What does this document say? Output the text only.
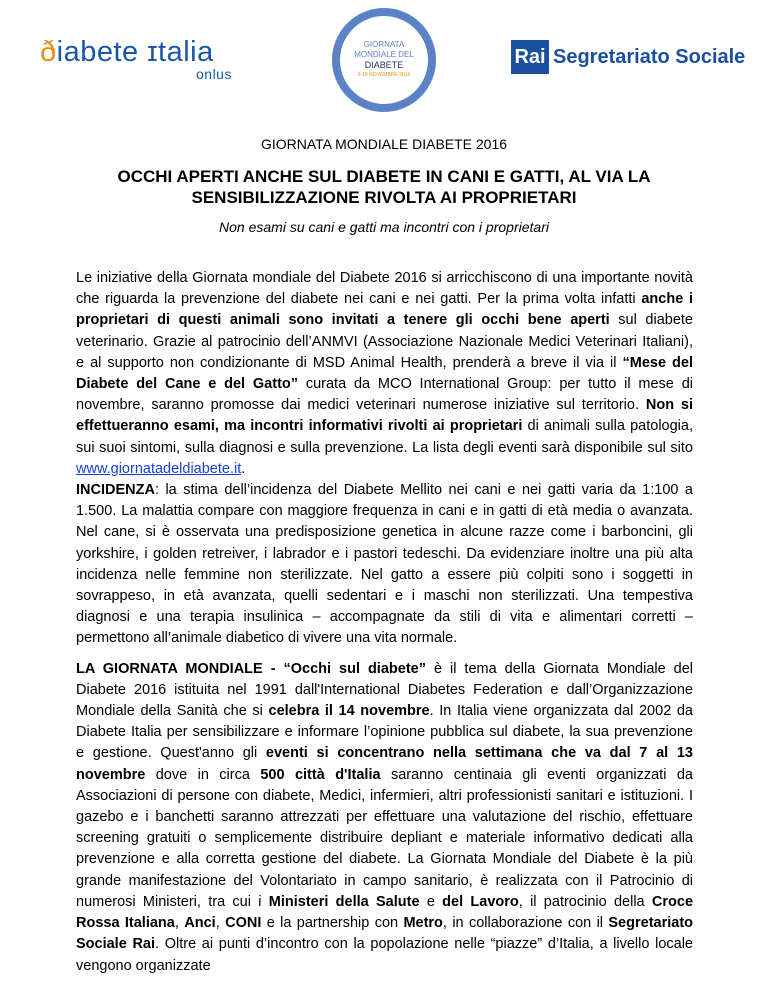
ðiabete ɪtalia
onlus
GIORNATA
MONDIALE DEL
DIABETE
9-15 NOVEMBRE 2016
Rai Segretariato Sociale
GIORNATA MONDIALE DIABETE 2016
OCCHI APERTI ANCHE SUL DIABETE IN CANI E GATTI, AL VIA LA SENSIBILIZZAZIONE RIVOLTA AI PROPRIETARI
Non esami su cani e gatti ma incontri con i proprietari

Le iniziative della Giornata mondiale del Diabete 2016 si arricchiscono di una importante novità che riguarda la prevenzione del diabete nei cani e nei gatti. Per la prima volta infatti anche i proprietari di questi animali sono invitati a tenere gli occhi bene aperti sul diabete veterinario. Grazie al patrocinio dell’ANMVI (Associazione Nazionale Medici Veterinari Italiani), e al supporto non condizionante di MSD Animal Health, prenderà a breve il via il “Mese del Diabete del Cane e del Gatto” curata da MCO International Group: per tutto il mese di novembre, saranno promosse dai medici veterinari numerose iniziative sul territorio. Non si effettueranno esami, ma incontri informativi rivolti ai proprietari di animali sulla patologia, sui suoi sintomi, sulla diagnosi e sulla prevenzione. La lista degli eventi sarà disponibile sul sito www.giornatadeldiabete.it.

INCIDENZA: la stima dell’incidenza del Diabete Mellito nei cani e nei gatti varia da 1:100 a 1.500. La malattia compare con maggiore frequenza in cani e in gatti di età media o avanzata. Nel cane, si è osservata una predisposizione genetica in alcune razze come i barboncini, gli yorkshire, i golden retreiver, i labrador e i pastori tedeschi. Da evidenziare inoltre una più alta incidenza nelle femmine non sterilizzate. Nel gatto a essere più colpiti sono i soggetti in sovrappeso, in età avanzata, quelli sedentari e i maschi non sterilizzati. Una tempestiva diagnosi e una terapia insulinica – accompagnate da stili di vita e alimentari corretti – permettono all’animale diabetico di vivere una vita normale.

LA GIORNATA MONDIALE - “Occhi sul diabete” è il tema della Giornata Mondiale del Diabete 2016 istituita nel 1991 dall'International Diabetes Federation e dall’Organizzazione Mondiale della Sanità che si celebra il 14 novembre. In Italia viene organizzata dal 2002 da Diabete Italia per sensibilizzare e informare l’opinione pubblica sul diabete, la sua prevenzione e gestione. Quest'anno gli eventi si concentrano nella settimana che va dal 7 al 13 novembre dove in circa 500 città d'Italia saranno centinaia gli eventi organizzati da Associazioni di persone con diabete, Medici, infermieri, altri professionisti sanitari e istituzioni. I gazebo e i banchetti saranno attrezzati per effettuare una valutazione del rischio, effettuare screening gratuiti o semplicemente distribuire depliant e materiale informativo dedicati alla prevenzione e alla corretta gestione del diabete. La Giornata Mondiale del Diabete è la più grande manifestazione del Volontariato in campo sanitario, è realizzata con il Patrocinio di numerosi Ministeri, tra cui i Ministeri della Salute e del Lavoro, il patrocinio della Croce Rossa Italiana, Anci, CONI e la partnership con Metro, in collaborazione con il Segretariato Sociale Rai. Oltre ai punti d’incontro con la popolazione nelle “piazze” d’Italia, a livello locale vengono organizzate
